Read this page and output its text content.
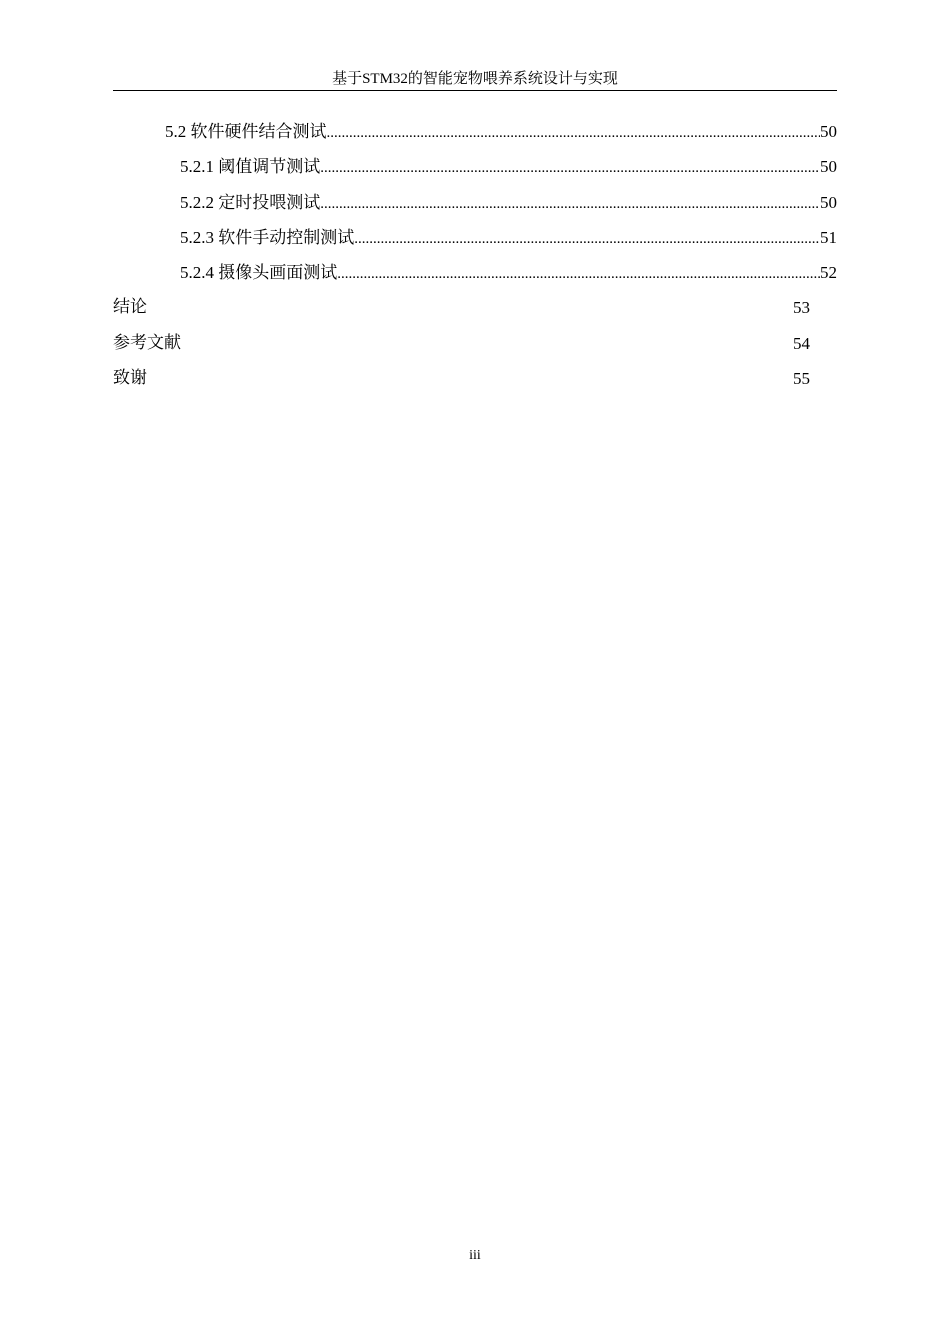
基于STM32的智能宠物喂养系统设计与实现
5.2 软件硬件结合测试 .....	50
5.2.1 阈值调节测试 .....	50
5.2.2 定时投喂测试 .....	50
5.2.3 软件手动控制测试 .....	51
5.2.4 摄像头画面测试 .....	52
结论	53
参考文献	54
致谢	55
iii
